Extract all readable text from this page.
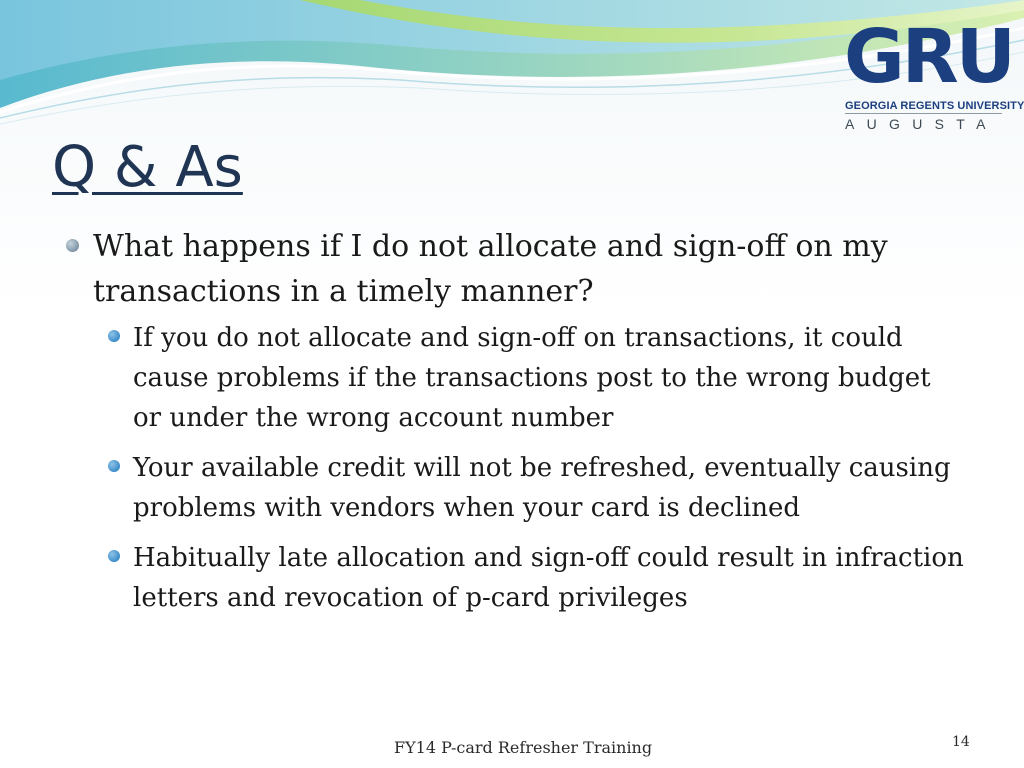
GRU
GEORGIA REGENTS UNIVERSITY
AUGUSTA
Q & As

What happens if I do not allocate and sign-off on my transactions in a timely manner?

If you do not allocate and sign-off on transactions, it could cause problems if the transactions post to the wrong budget or under the wrong account number

Your available credit will not be refreshed, eventually causing problems with vendors when your card is declined

Habitually late allocation and sign-off could result in infraction letters and revocation of p-card privileges

FY14 P-card Refresher Training	14
